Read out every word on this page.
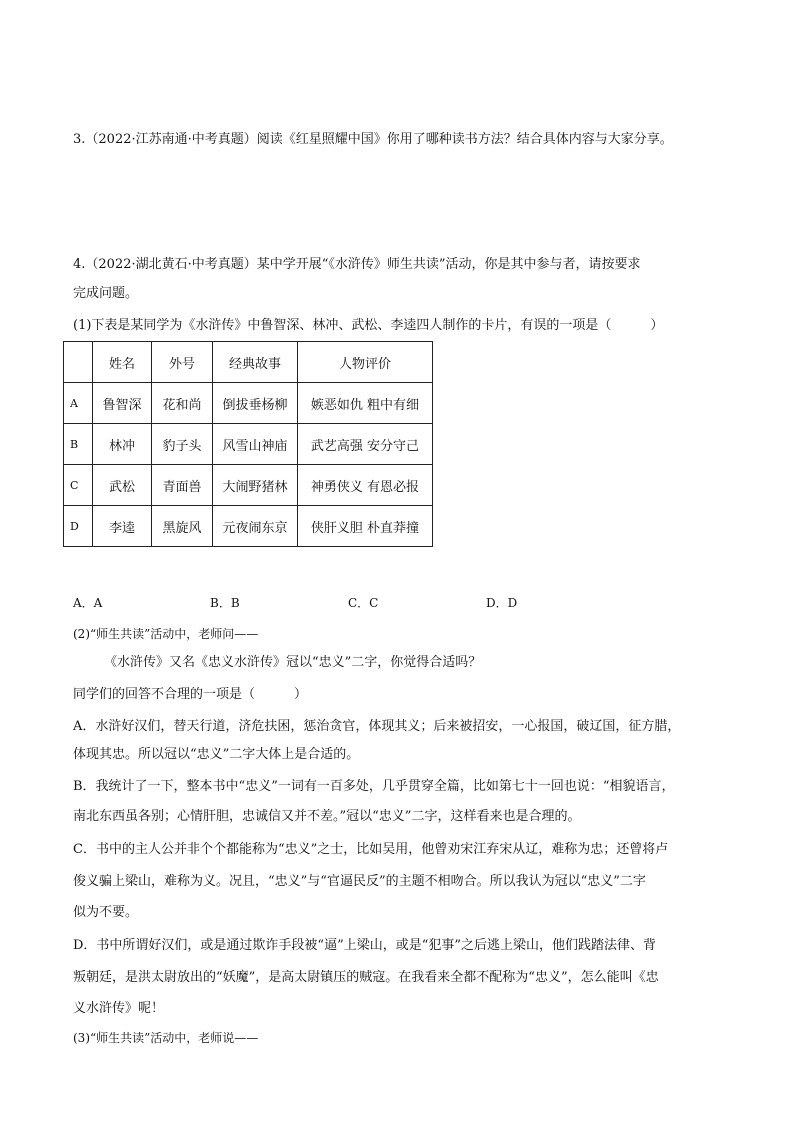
3.（2022·江苏南通·中考真题）阅读《红星照耀中国》你用了哪种读书方法？结合具体内容与大家分享。
4.（2022·湖北黄石·中考真题）某中学开展“《水浒传》师生共读”活动，你是其中参与者，请按要求
完成问题。
(1)下表是某同学为《水浒传》中鲁智深、林冲、武松、李逵四人制作的卡片，有误的一项是（　　　）
	姓名	外号	经典故事	人物评价
A	鲁智深	花和尚	倒拔垂杨柳	嫉恶如仇 粗中有细
B	林冲	豹子头	风雪山神庙	武艺高强 安分守己
C	武松	青面兽	大闹野猪林	神勇侠义 有恩必报
D	李逵	黑旋风	元夜闹东京	侠肝义胆 朴直莽撞
A．A	B．B	C．C	D．D
(2)“师生共读”活动中，老师问——
《水浒传》又名《忠义水浒传》冠以“忠义”二字，你觉得合适吗？
同学们的回答不合理的一项是（　　　）
A．水浒好汉们，替天行道，济危扶困，惩治贪官，体现其义；后来被招安，一心报国，破辽国，征方腊，
体现其忠。所以冠以“忠义”二字大体上是合适的。
B．我统计了一下，整本书中“忠义”一词有一百多处，几乎贯穿全篇，比如第七十一回也说：“相貌语言，
南北东西虽各别；心情肝胆，忠诚信又并不差。”冠以“忠义”二字，这样看来也是合理的。
C．书中的主人公并非个个都能称为“忠义”之士，比如吴用，他曾劝宋江弃宋从辽，难称为忠；还曾将卢
俊义骗上梁山，难称为义。况且，“忠义”与“官逼民反”的主题不相吻合。所以我认为冠以“忠义”二字
似为不要。
D．书中所谓好汉们，或是通过欺诈手段被“逼”上梁山，或是“犯事”之后逃上梁山，他们践踏法律、背
叛朝廷，是洪太尉放出的“妖魔”，是高太尉镇压的贼寇。在我看来全都不配称为“忠义”，怎么能叫《忠
义水浒传》呢！
(3)“师生共读”活动中，老师说——
